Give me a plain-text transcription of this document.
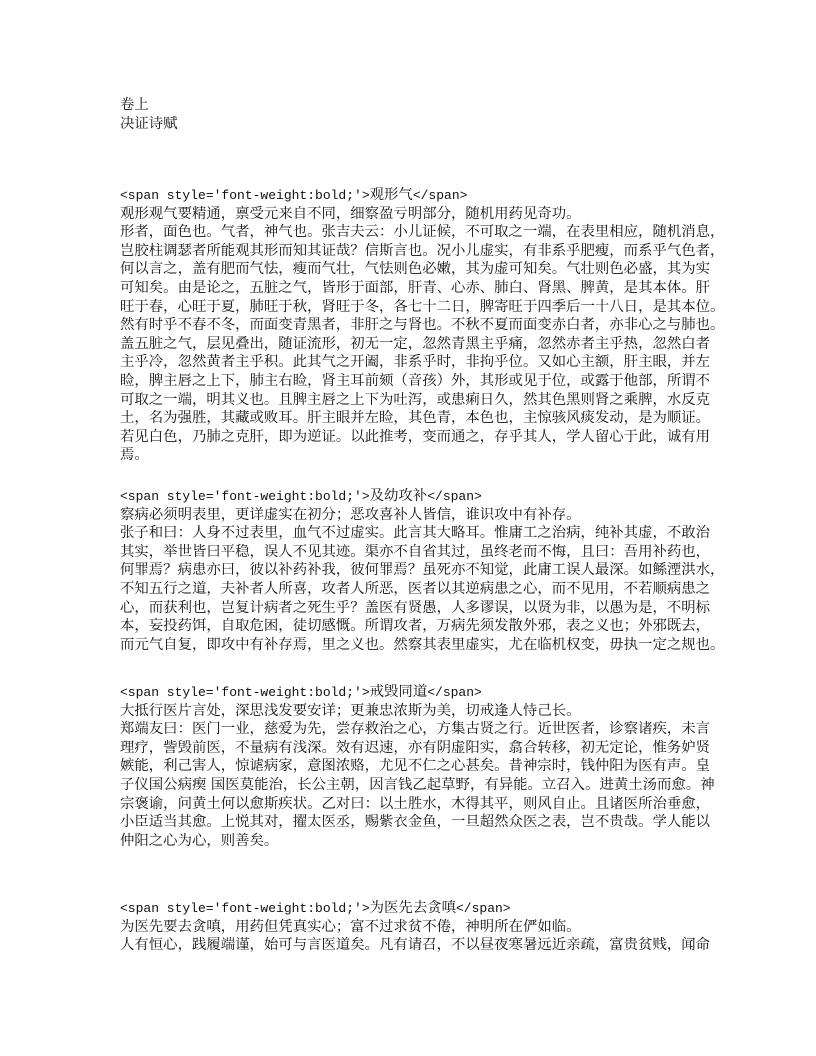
卷上
决证诗赋
<span style='font-weight:bold;'>观形气</span>
观形观气要精通，禀受元来自不同，细察盈亏明部分，随机用药见奇功。
形者，面色也。气者，神气也。张吉夫云：小儿证候，不可取之一端，在表里相应，随机消息，
岂胶柱调瑟者所能观其形而知其证哉？信斯言也。况小儿虚实，有非系乎肥瘦，而系乎气色者，
何以言之，盖有肥而气怯，瘦而气壮，气怯则色必嫩，其为虚可知矣。气壮则色必盛，其为实
可知矣。由是论之，五脏之气，皆形于面部，肝青、心赤、肺白、肾黑、脾黄，是其本体。肝
旺于春，心旺于夏，肺旺于秋，肾旺于冬，各七十二日，脾寄旺于四季后一十八日，是其本位。
然有时乎不春不冬，而面变青黑者，非肝之与肾也。不秋不夏而面变赤白者，亦非心之与肺也。
盖五脏之气，层见叠出，随证流形，初无一定，忽然青黑主乎痛，忽然赤者主乎热，忽然白者
主乎冷，忽然黄者主乎积。此其气之开阖，非系乎时，非拘乎位。又如心主额，肝主眼，并左
睑，脾主唇之上下，肺主右睑，肾主耳前颏（音孩）外，其形或见于位，或露于他部，所谓不
可取之一端，明其义也。且脾主唇之上下为吐泻，或患痢日久，然其色黑则肾之乘脾，水反克
土，名为强胜，其藏或败耳。肝主眼并左睑，其色青，本色也，主惊骇风痰发动，是为顺证。
若见白色，乃肺之克肝，即为逆证。以此推考，变而通之，存乎其人，学人留心于此，诚有用
焉。
<span style='font-weight:bold;'>及幼攻补</span>
察病必须明表里，更详虚实在初分；恶攻喜补人皆信，谁识攻中有补存。
张子和曰：人身不过表里，血气不过虚实。此言其大略耳。惟庸工之治病，纯补其虚，不敢治
其实，举世皆曰平稳，误人不见其迹。渠亦不自省其过，虽终老而不悔，且曰：吾用补药也，
何罪焉？病患亦曰，彼以补药补我，彼何罪焉？虽死亦不知觉，此庸工误人最深。如鲧湮洪水，
不知五行之道，夫补者人所喜，攻者人所恶，医者以其逆病患之心，而不见用，不若顺病患之
心，而获利也，岂复计病者之死生乎？盖医有贤愚，人多谬误，以贤为非，以愚为是，不明标
本，妄投药饵，自取危困，徒切感慨。所谓攻者，万病先须发散外邪，表之义也；外邪既去，
而元气自复，即攻中有补存焉，里之义也。然察其表里虚实，尤在临机权变，毋执一定之规也。
<span style='font-weight:bold;'>戒毁同道</span>
大抵行医片言处，深思浅发要安详；更兼忠浓斯为美，切戒逢人恃己长。
郑端友曰：医门一业，慈爱为先，尝存救治之心，方集古贤之行。近世医者，诊察诸疾，未言
理疗，訾毁前医，不量病有浅深。效有迟速，亦有阴虚阳实，翕合转移，初无定论，惟务妒贤
嫉能，利己害人，惊谑病家，意图浓赂，尤见不仁之心甚矣。昔神宗时，钱仲阳为医有声。皇
子仪国公病瘈 国医莫能治，长公主朝，因言钱乙起草野，有异能。立召入。进黄土汤而愈。神
宗褒谕，问黄土何以愈斯疾状。乙对曰：以土胜水，木得其平，则风自止。且诸医所治垂愈，
小臣适当其愈。上悦其对，擢太医丞，赐紫衣金鱼，一旦超然众医之表，岂不贵哉。学人能以
仲阳之心为心，则善矣。
<span style='font-weight:bold;'>为医先去贪嗔</span>
为医先要去贪嗔，用药但凭真实心；富不过求贫不倦，神明所在俨如临。
人有恒心，践履端谨，始可与言医道矣。凡有请召，不以昼夜寒暑远近亲疏，富贵贫贱，闻命
